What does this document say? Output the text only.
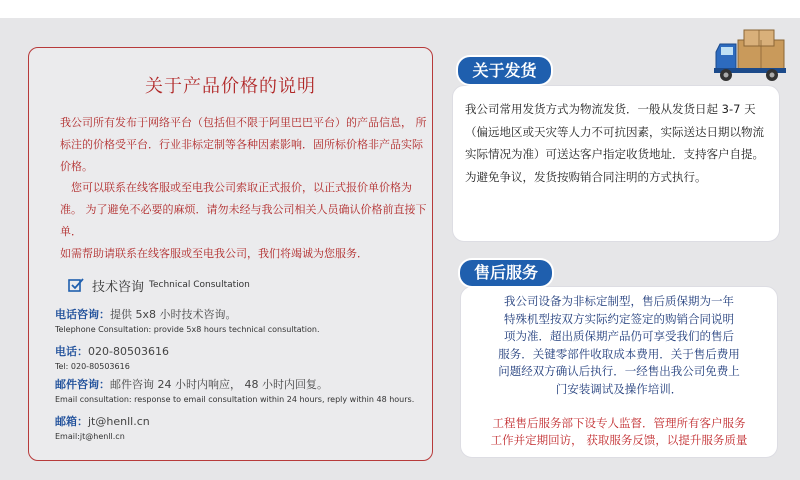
关于产品价格的说明

我公司所有发布于网络平台（包括但不限于阿里巴巴平台）的产品信息， 所标注的价格受平台．行业非标定制等各种因素影响．固所标价格非产品实际价格。

　您可以联系在线客服或至电我公司索取正式报价，以正式报价单价格为准。 为了避免不必要的麻烦．请勿未经与我公司相关人员确认价格前直接下单．

如需帮助请联系在线客服或至电我公司，我们将竭诚为您服务．

技术咨询 Technical Consultation
电话咨询：提供 5x8 小时技术咨询。
Telephone Consultation: provide 5x8 hours technical consultation.
电话：020-80503616
Tel: 020-80503616
邮件咨询：邮件咨询 24 小时内响应， 48 小时内回复。
Email consultation: response to email consultation within 24 hours, reply within 48 hours.
邮箱：jt@henll.cn
Email:jt@henll.cn

我公司常用发货方式为物流发货．一般从发货日起 3-7 天（偏远地区或天灾等人力不可抗因素，实际送达日期以物流实际情况为准）可送达客户指定收货地址．支持客户自提。

为避免争议，发货按购销合同注明的方式执行。

关于发货

我公司设备为非标定制型，售后质保期为一年

特殊机型按双方实际约定签定的购销合同说明

项为准．超出质保期产品仍可享受我们的售后

服务．关键零部件收取成本费用．关于售后费用

问题经双方确认后执行．一经售出我公司免费上

门安装调试及操作培训．

工程售后服务部下设专人监督．管理所有客户服务

工作并定期回访， 获取服务反馈，以提升服务质量

售后服务
